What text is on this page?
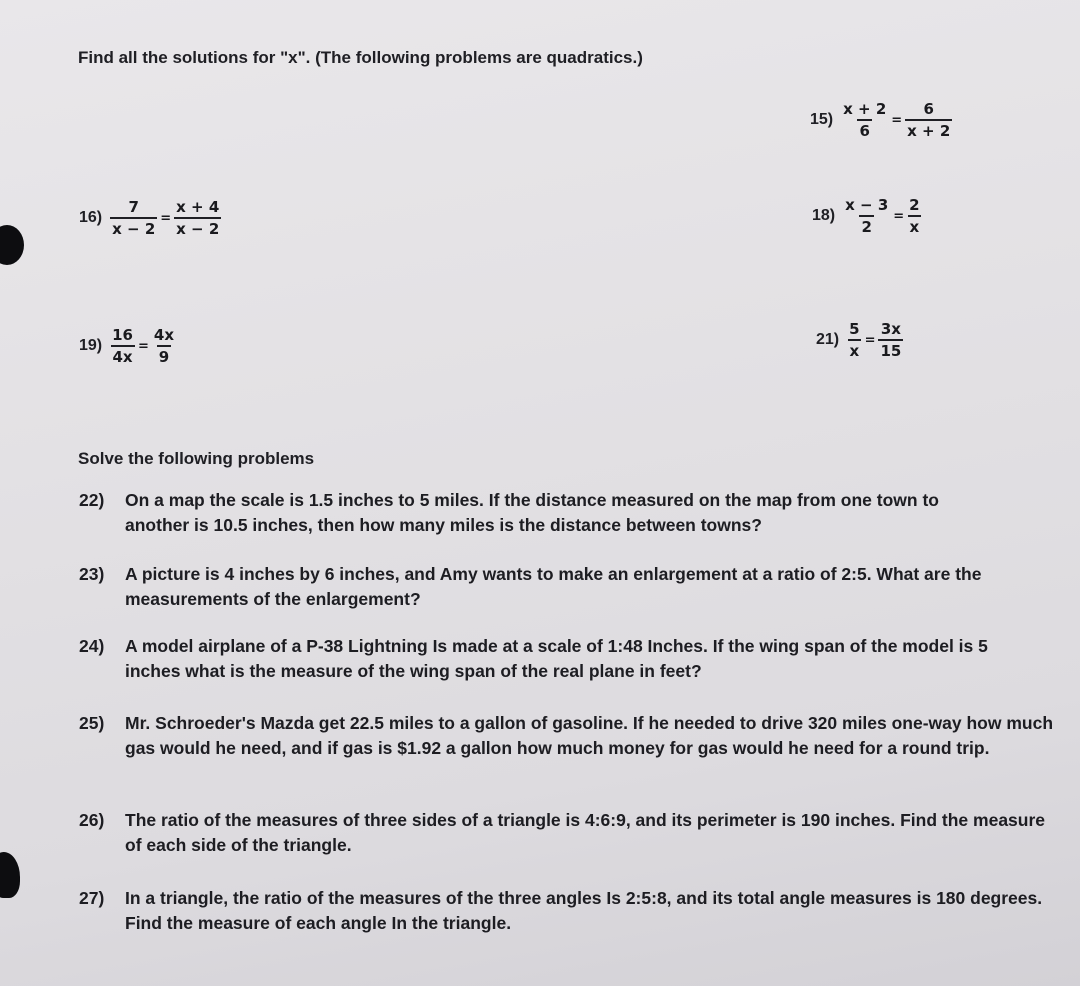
Find all the solutions for "x". (The following problems are quadratics.)
$15) \frac{x + 2}{6} = \frac{6}{x + 2}$
$16) \frac{7}{x - 2} = \frac{x + 4}{x - 2}$	$18) \frac{x - 3}{2} = \frac{2}{x}$
$19) \frac{16}{4x} = \frac{4x}{9}$	$21) \frac{5}{x} = \frac{3x}{15}$
Solve the following problems
22) On a map the scale is 1.5 inches to 5 miles. If the distance measured on the map from one town to another is 10.5 inches, then how many miles is the distance between towns?
23) A picture is 4 inches by 6 inches, and Amy wants to make an enlargement at a ratio of 2:5. What are the measurements of the enlargement?
24) A model airplane of a P-38 Lightning Is made at a scale of 1:48 Inches. If the wing span of the model is 5 inches what is the measure of the wing span of the real plane in feet?
25) Mr. Schroeder's Mazda get 22.5 miles to a gallon of gasoline. If he needed to drive 320 miles one-way how much gas would he need, and if gas is $1.92 a gallon how much money for gas would he need for a round trip.
26) The ratio of the measures of three sides of a triangle is 4:6:9, and its perimeter is 190 inches. Find the measure of each side of the triangle.
27) In a triangle, the ratio of the measures of the three angles Is 2:5:8, and its total angle measures is 180 degrees. Find the measure of each angle In the triangle.
